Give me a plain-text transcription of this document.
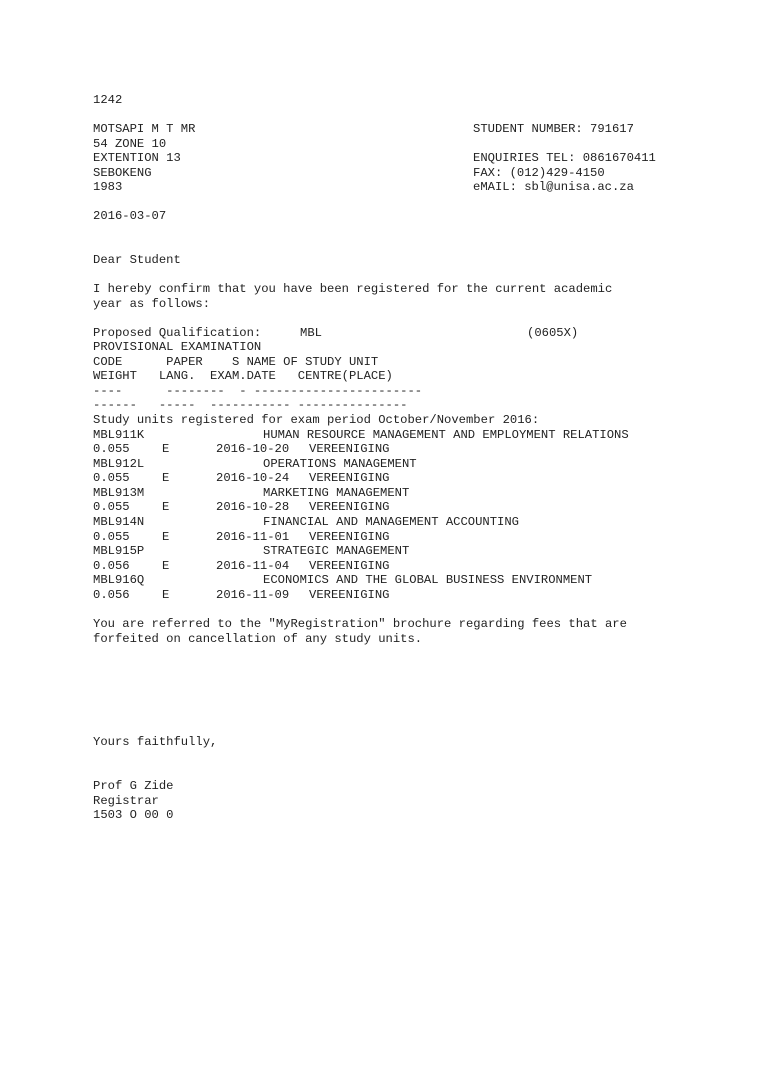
1242
MOTSAPI M T MR
54 ZONE 10
EXTENTION 13
SEBOKENG
1983
STUDENT NUMBER: 791617
ENQUIRIES TEL: 0861670411
FAX: (012)429-4150
eMAIL: sbl@unisa.ac.za
2016-03-07
Dear Student
I hereby confirm that you have been registered for the current academic
year as follows:
Proposed Qualification:	MBL	(0605X)
PROVISIONAL EXAMINATION
CODE      PAPER    S NAME OF STUDY UNIT
WEIGHT   LANG.  EXAM.DATE   CENTRE(PLACE)
----      --------  - -----------------------
------   -----  ----------- ---------------
Study units registered for exam period October/November 2016:
MBL911K	HUMAN RESOURCE MANAGEMENT AND EMPLOYMENT RELATIONS
0.055	E	2016-10-20 VEREENIGING
MBL912L	OPERATIONS MANAGEMENT
0.055	E	2016-10-24 VEREENIGING
MBL913M	MARKETING MANAGEMENT
0.055	E	2016-10-28 VEREENIGING
MBL914N	FINANCIAL AND MANAGEMENT ACCOUNTING
0.055	E	2016-11-01 VEREENIGING
MBL915P	STRATEGIC MANAGEMENT
0.056	E	2016-11-04 VEREENIGING
MBL916Q	ECONOMICS AND THE GLOBAL BUSINESS ENVIRONMENT
0.056	E	2016-11-09 VEREENIGING
You are referred to the "MyRegistration" brochure regarding fees that are
forfeited on cancellation of any study units.
Yours faithfully,
Prof G Zide
Registrar
1503 O 00 0
